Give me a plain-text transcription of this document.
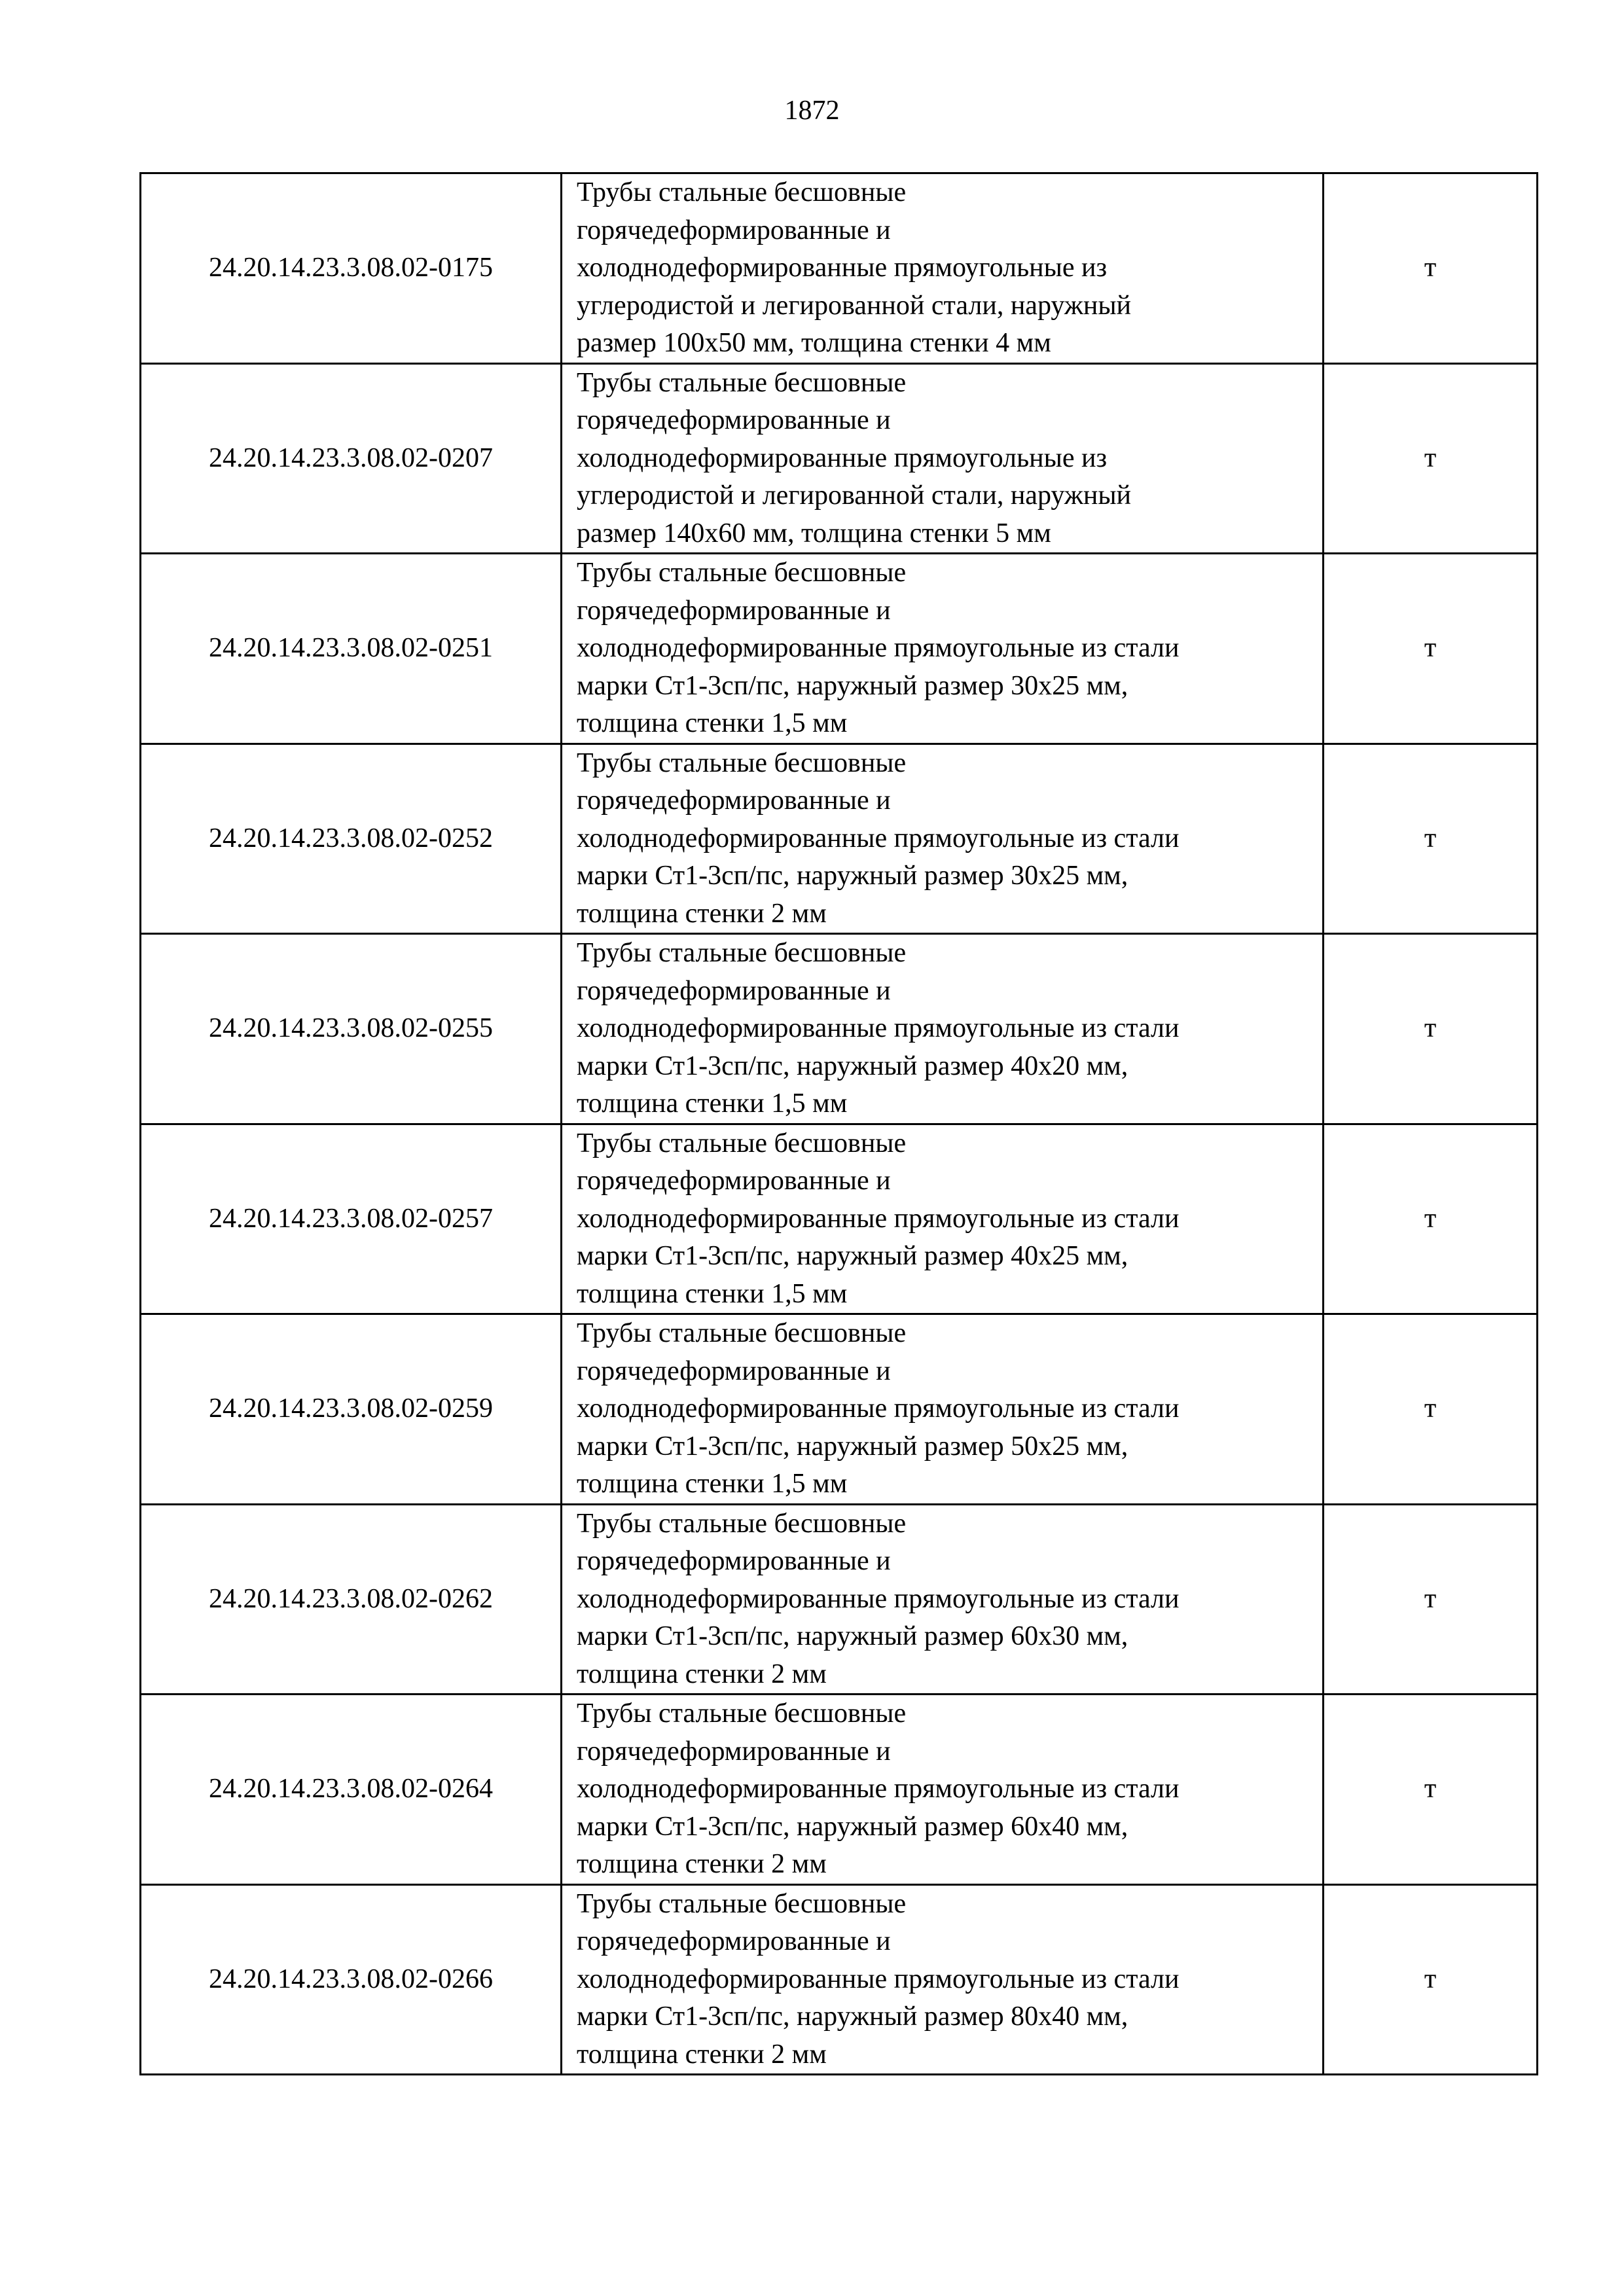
1872
24.20.14.23.3.08.02-0175	Трубы стальные бесшовные
горячедеформированные и
холоднодеформированные прямоугольные из
углеродистой и легированной стали, наружный
размер 100x50 мм, толщина стенки 4 мм	т
24.20.14.23.3.08.02-0207	Трубы стальные бесшовные
горячедеформированные и
холоднодеформированные прямоугольные из
углеродистой и легированной стали, наружный
размер 140x60 мм, толщина стенки 5 мм	т
24.20.14.23.3.08.02-0251	Трубы стальные бесшовные
горячедеформированные и
холоднодеформированные прямоугольные из стали
марки Ст1-3сп/пс, наружный размер 30x25 мм,
толщина стенки 1,5 мм	т
24.20.14.23.3.08.02-0252	Трубы стальные бесшовные
горячедеформированные и
холоднодеформированные прямоугольные из стали
марки Ст1-3сп/пс, наружный размер 30x25 мм,
толщина стенки 2 мм	т
24.20.14.23.3.08.02-0255	Трубы стальные бесшовные
горячедеформированные и
холоднодеформированные прямоугольные из стали
марки Ст1-3сп/пс, наружный размер 40x20 мм,
толщина стенки 1,5 мм	т
24.20.14.23.3.08.02-0257	Трубы стальные бесшовные
горячедеформированные и
холоднодеформированные прямоугольные из стали
марки Ст1-3сп/пс, наружный размер 40x25 мм,
толщина стенки 1,5 мм	т
24.20.14.23.3.08.02-0259	Трубы стальные бесшовные
горячедеформированные и
холоднодеформированные прямоугольные из стали
марки Ст1-3сп/пс, наружный размер 50x25 мм,
толщина стенки 1,5 мм	т
24.20.14.23.3.08.02-0262	Трубы стальные бесшовные
горячедеформированные и
холоднодеформированные прямоугольные из стали
марки Ст1-3сп/пс, наружный размер 60x30 мм,
толщина стенки 2 мм	т
24.20.14.23.3.08.02-0264	Трубы стальные бесшовные
горячедеформированные и
холоднодеформированные прямоугольные из стали
марки Ст1-3сп/пс, наружный размер 60x40 мм,
толщина стенки 2 мм	т
24.20.14.23.3.08.02-0266	Трубы стальные бесшовные
горячедеформированные и
холоднодеформированные прямоугольные из стали
марки Ст1-3сп/пс, наружный размер 80x40 мм,
толщина стенки 2 мм	т
